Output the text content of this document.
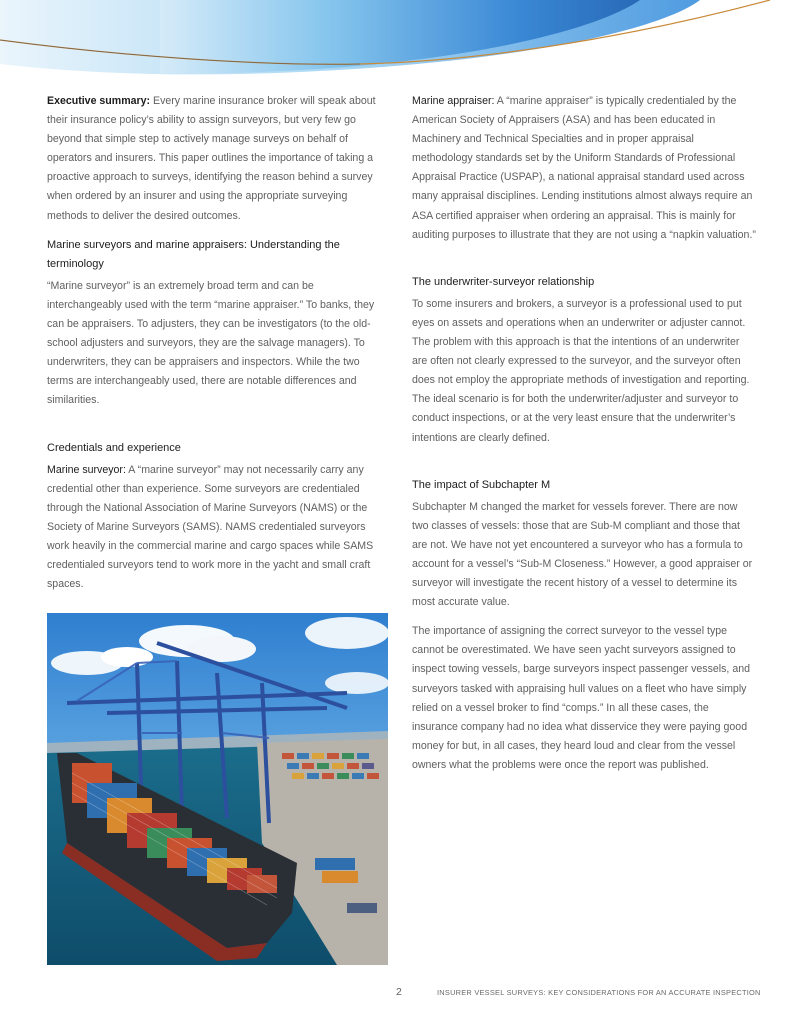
Executive summary: Every marine insurance broker will speak about their insurance policy’s ability to assign surveyors, but very few go beyond that simple step to actively manage surveys on behalf of operators and insurers. This paper outlines the importance of taking a proactive approach to surveys, identifying the reason behind a survey when ordered by an insurer and using the appropriate surveying methods to deliver the desired outcomes.

Marine surveyors and marine appraisers: Understanding the terminology

“Marine surveyor” is an extremely broad term and can be interchangeably used with the term “marine appraiser.” To banks, they can be appraisers. To adjusters, they can be investigators (to the old-school adjusters and surveyors, they are the salvage managers). To underwriters, they can be appraisers and inspectors. While the two terms are interchangeably used, there are notable differences and similarities.

Credentials and experience

Marine surveyor: A “marine surveyor” may not necessarily carry any credential other than experience. Some surveyors are credentialed through the National Association of Marine Surveyors (NAMS) or the Society of Marine Surveyors (SAMS). NAMS credentialed surveyors work heavily in the commercial marine and cargo spaces while SAMS credentialed surveyors tend to work more in the yacht and small craft spaces.

Marine appraiser: A “marine appraiser” is typically credentialed by the American Society of Appraisers (ASA) and has been educated in Machinery and Technical Specialties and in proper appraisal methodology standards set by the Uniform Standards of Professional Appraisal Practice (USPAP), a national appraisal standard used across many appraisal disciplines. Lending institutions almost always require an ASA certified appraiser when ordering an appraisal. This is mainly for auditing purposes to illustrate that they are not using a “napkin valuation.”

The underwriter-surveyor relationship

To some insurers and brokers, a surveyor is a professional used to put eyes on assets and operations when an underwriter or adjuster cannot. The problem with this approach is that the intentions of an underwriter are often not clearly expressed to the surveyor, and the surveyor often does not employ the appropriate methods of investigation and reporting. The ideal scenario is for both the underwriter/adjuster and surveyor to conduct inspections, or at the very least ensure that the underwriter’s intentions are clearly defined.

The impact of Subchapter M

Subchapter M changed the market for vessels forever. There are now two classes of vessels: those that are Sub-M compliant and those that are not. We have not yet encountered a surveyor who has a formula to account for a vessel’s “Sub-M Closeness.” However, a good appraiser or surveyor will investigate the recent history of a vessel to determine its most accurate value.

The importance of assigning the correct surveyor to the vessel type cannot be overestimated. We have seen yacht surveyors assigned to inspect towing vessels, barge surveyors inspect passenger vessels, and surveyors tasked with appraising hull values on a fleet who have simply relied on a vessel broker to find “comps.” In all these cases, the insurance company had no idea what disservice they were paying good money for but, in all cases, they heard loud and clear from the vessel owners what the problems were once the report was published.

2	INSURER VESSEL SURVEYS: KEY CONSIDERATIONS FOR AN ACCURATE INSPECTION
